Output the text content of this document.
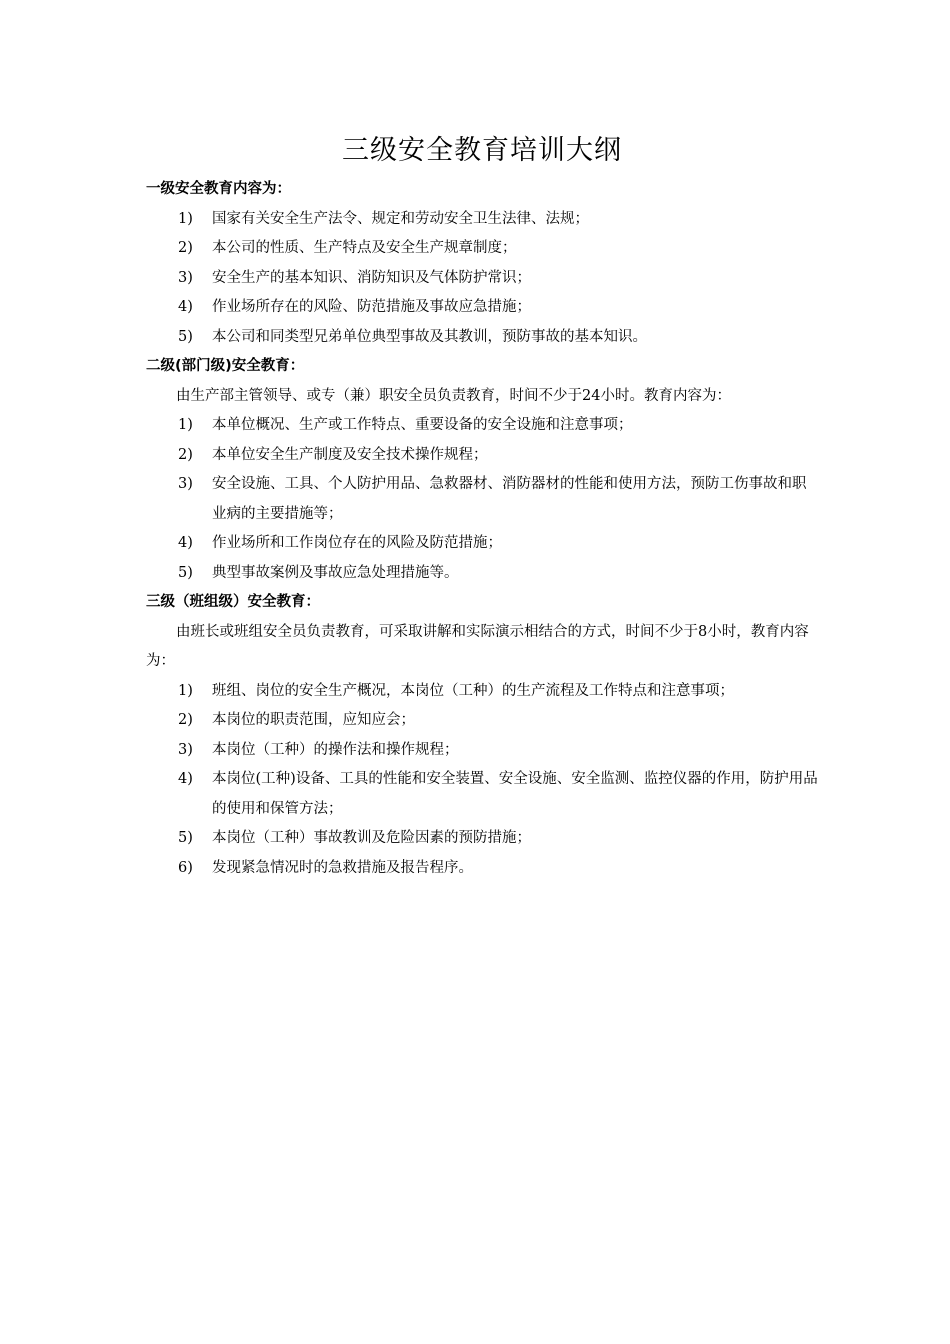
三级安全教育培训大纲
一级安全教育内容为：
1)	国家有关安全生产法令、规定和劳动安全卫生法律、法规；
2)	本公司的性质、生产特点及安全生产规章制度；
3)	安全生产的基本知识、消防知识及气体防护常识；
4)	作业场所存在的风险、防范措施及事故应急措施；
5)	本公司和同类型兄弟单位典型事故及其教训，预防事故的基本知识。
二级(部门级)安全教育：

由生产部主管领导、或专（兼）职安全员负责教育，时间不少于24小时。教育内容为：

1)	本单位概况、生产或工作特点、重要设备的安全设施和注意事项；
2)	本单位安全生产制度及安全技术操作规程；
3)	安全设施、工具、个人防护用品、急救器材、消防器材的性能和使用方法，预防工伤事故和职业病的主要措施等；
4)	作业场所和工作岗位存在的风险及防范措施；
5)	典型事故案例及事故应急处理措施等。
三级（班组级）安全教育：

由班长或班组安全员负责教育，可采取讲解和实际演示相结合的方式，时间不少于8小时，教育内容为：

1)	班组、岗位的安全生产概况，本岗位（工种）的生产流程及工作特点和注意事项；
2)	本岗位的职责范围，应知应会；
3)	本岗位（工种）的操作法和操作规程；
4)	本岗位(工种)设备、工具的性能和安全装置、安全设施、安全监测、监控仪器的作用，防护用品的使用和保管方法；
5)	本岗位（工种）事故教训及危险因素的预防措施；
6)	发现紧急情况时的急救措施及报告程序。
